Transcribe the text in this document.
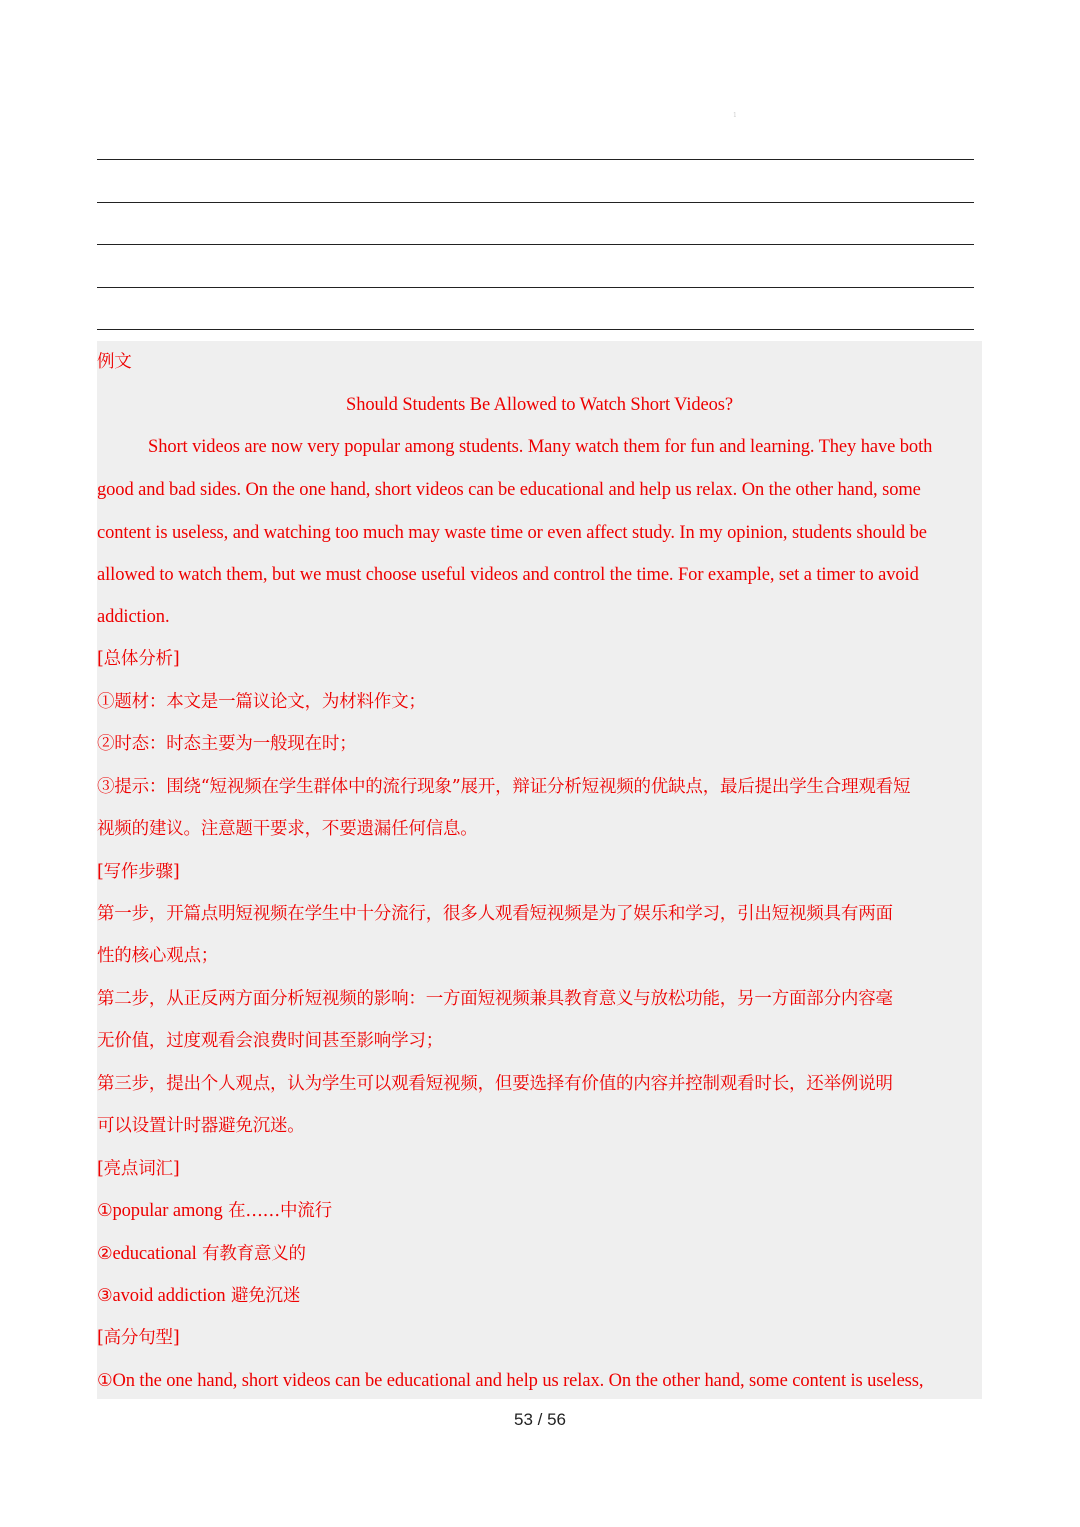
1
例文
Should Students Be Allowed to Watch Short Videos?
Short videos are now very popular among students. Many watch them for fun and learning. They have both
good and bad sides. On the one hand, short videos can be educational and help us relax. On the other hand, some
content is useless, and watching too much may waste time or even affect study. In my opinion, students should be
allowed to watch them, but we must choose useful videos and control the time. For example, set a timer to avoid
addiction.
[总体分析]
①题材：本文是一篇议论文，为材料作文；
②时态：时态主要为一般现在时；
③提示：围绕“短视频在学生群体中的流行现象”展开，辩证分析短视频的优缺点，最后提出学生合理观看短
视频的建议。注意题干要求，不要遗漏任何信息。
[写作步骤]
第一步，开篇点明短视频在学生中十分流行，很多人观看短视频是为了娱乐和学习，引出短视频具有两面
性的核心观点；
第二步，从正反两方面分析短视频的影响：一方面短视频兼具教育意义与放松功能，另一方面部分内容毫
无价值，过度观看会浪费时间甚至影响学习；
第三步，提出个人观点，认为学生可以观看短视频，但要选择有价值的内容并控制观看时长，还举例说明
可以设置计时器避免沉迷。
[亮点词汇]
①popular among 在……中流行
②educational 有教育意义的
③avoid addiction 避免沉迷
[高分句型]
①On the one hand, short videos can be educational and help us relax. On the other hand, some content is useless,
53 / 56
